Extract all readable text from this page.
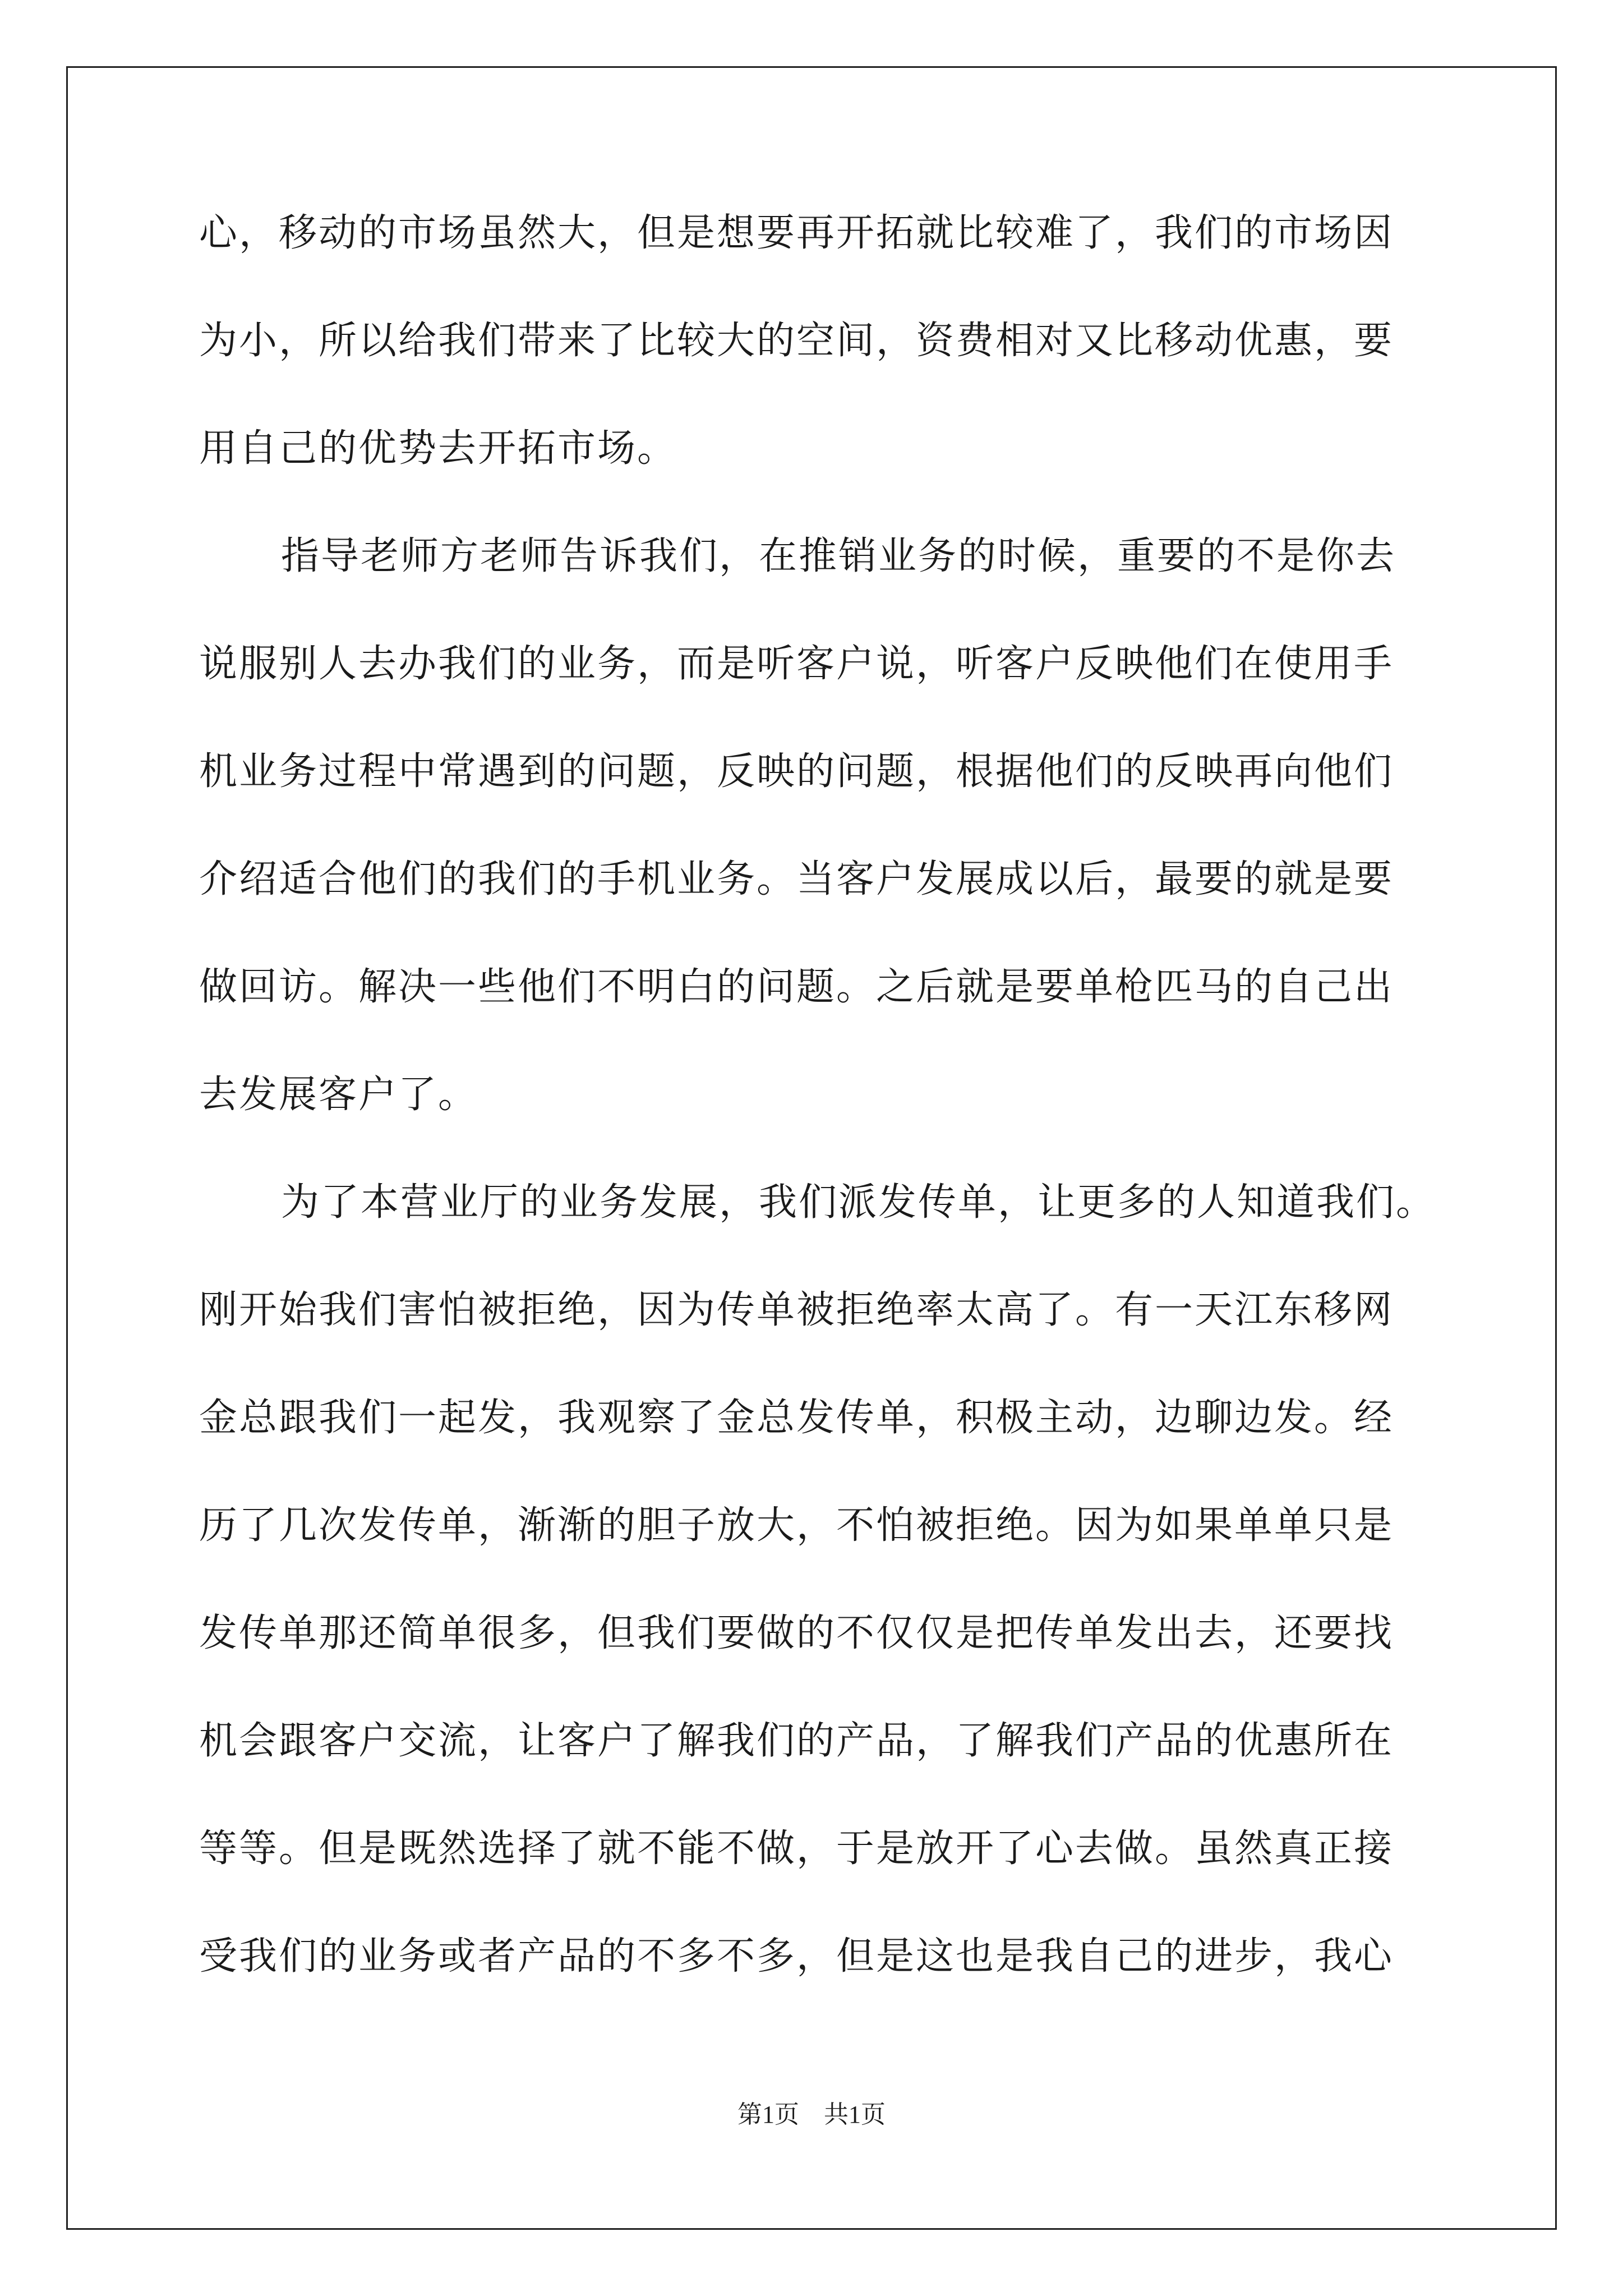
心，移动的市场虽然大，但是想要再开拓就比较难了，我们的市场因
为小，所以给我们带来了比较大的空间，资费相对又比移动优惠，要
用自己的优势去开拓市场。
指导老师方老师告诉我们，在推销业务的时候，重要的不是你去
说服别人去办我们的业务，而是听客户说，听客户反映他们在使用手
机业务过程中常遇到的问题，反映的问题，根据他们的反映再向他们
介绍适合他们的我们的手机业务。当客户发展成以后，最要的就是要
做回访。解决一些他们不明白的问题。之后就是要单枪匹马的自己出
去发展客户了。
为了本营业厅的业务发展，我们派发传单，让更多的人知道我们。
刚开始我们害怕被拒绝，因为传单被拒绝率太高了。有一天江东移网
金总跟我们一起发，我观察了金总发传单，积极主动，边聊边发。经
历了几次发传单，渐渐的胆子放大，不怕被拒绝。因为如果单单只是
发传单那还简单很多，但我们要做的不仅仅是把传单发出去，还要找
机会跟客户交流，让客户了解我们的产品，了解我们产品的优惠所在
等等。但是既然选择了就不能不做，于是放开了心去做。虽然真正接
受我们的业务或者产品的不多不多，但是这也是我自己的进步，我心
第1页　共1页
